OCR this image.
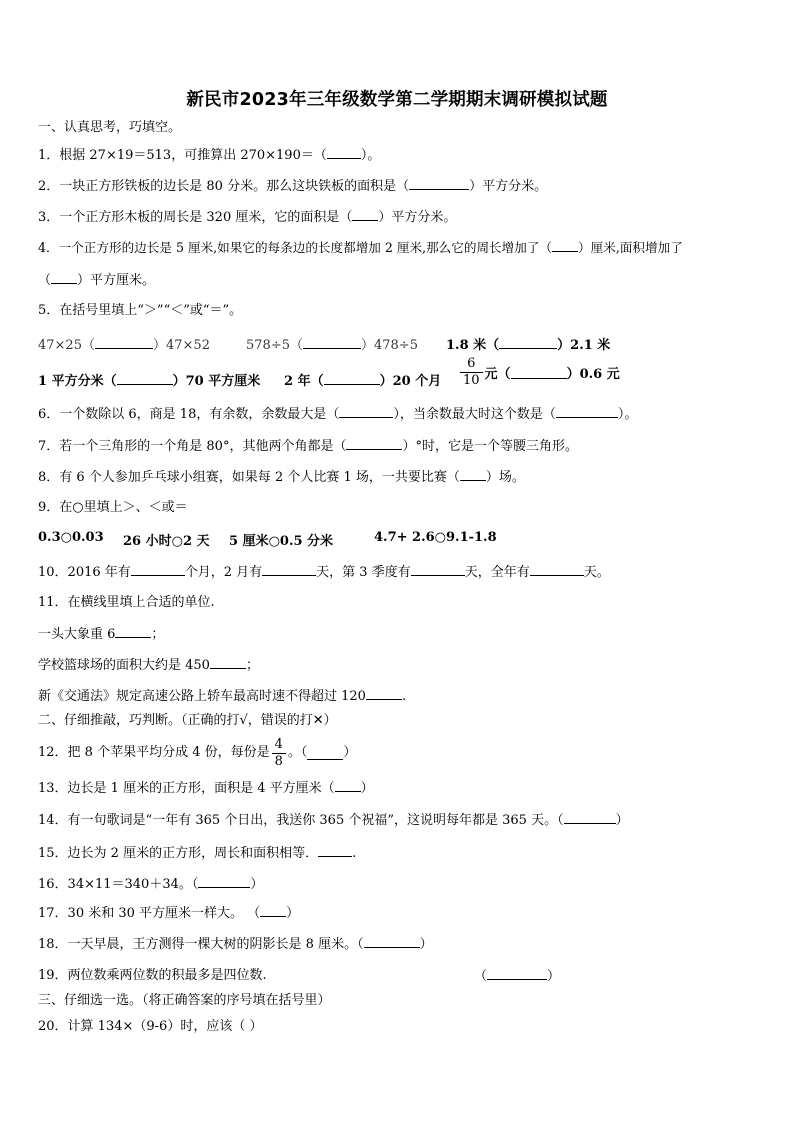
新民市2023年三年级数学第二学期期末调研模拟试题
一、认真思考，巧填空。
1．根据 27×19＝513，可推算出 270×190＝（	）。
2．一块正方形铁板的边长是 80 分米。那么这块铁板的面积是（	）平方分米。
3．一个正方形木板的周长是 320 厘米，它的面积是（ ）平方分米。
4．一个正方形的边长是 5 厘米,如果它的每条边的长度都增加 2 厘米,那么它的周长增加了（ ）厘米,面积增加了
（ ）平方厘米。
5．在括号里填上“＞”“＜”或“＝”。
47×25（	）47×52	578÷5（	）478÷5 1.8 米（	）2.1 米
1 平方分米（	）70 平方厘米 2 年（	）20 个月 $\frac{6}{10}$ 元（	）0.6 元
6．一个数除以 6，商是 18，有余数，余数最大是（	），当余数最大时这个数是（	）。
7．若一个三角形的一个角是 80°，其他两个角都是（	）°时，它是一个等腰三角形。
8．有 6 个人参加乒乓球小组赛，如果每 2 个人比赛 1 场，一共要比赛（ ）场。
9．在○里填上＞、＜或＝
0.3○0.03 26 小时○2 天 5 厘米○0.5 分米	4.7+ 2.6○9.1-1.8
10．2016 年有	个月，2 月有	天，第 3 季度有	天，全年有	天。
11．在横线里填上合适的单位.
一头大象重 6	；
学校篮球场的面积大约是 450	；
新《交通法》规定高速公路上轿车最高时速不得超过 120	.
二、仔细推敲，巧判断。（正确的打√，错误的打✕）
12．把 8 个苹果平均分成 4 份，每份是 $\frac{4}{8}$ 。（	）
13．边长是 1 厘米的正方形，面积是 4 平方厘米（ ）
14．有一句歌词是“一年有 365 个日出，我送你 365 个祝福”，这说明每年都是 365 天。（	）
15．边长为 2 厘米的正方形，周长和面积相等．	.
16．34×11＝340＋34。（	）
17．30 米和 30 平方厘米一样大。 （ ）
18．一天早晨，王方测得一棵大树的阴影长是 8 厘米。（	）
19．两位数乘两位数的积最多是四位数.	（	）
三、仔细选一选。（将正确答案的序号填在括号里）
20．计算 134×（9-6）时，应该（ ）
